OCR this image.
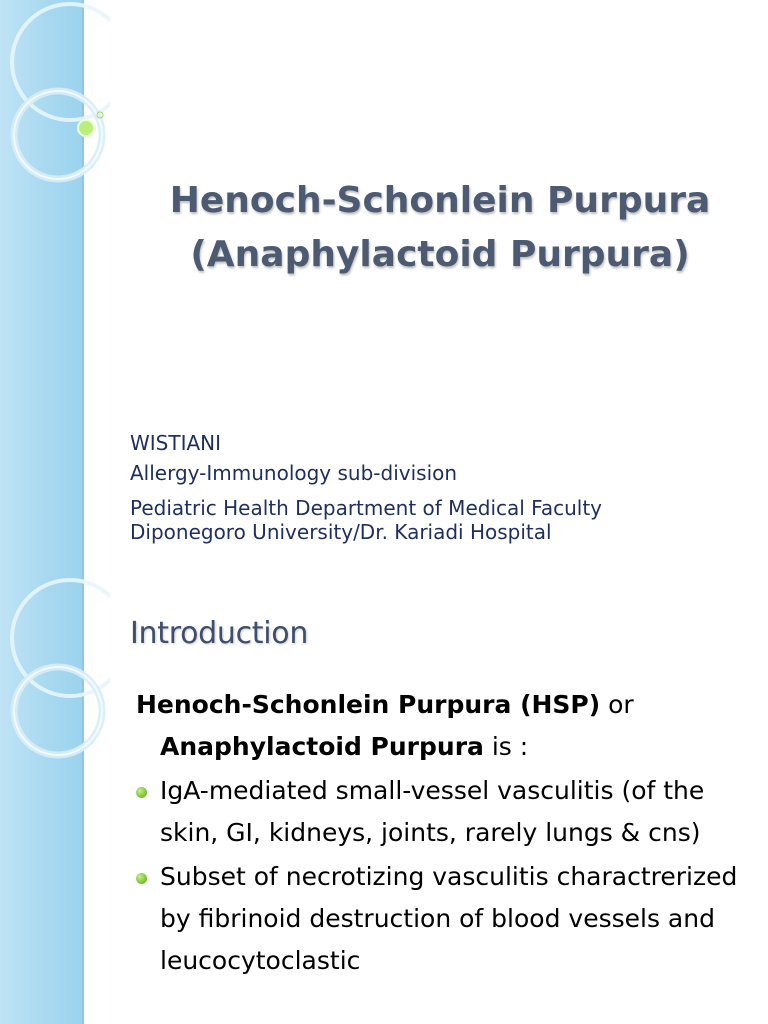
Henoch-Schonlein Purpura
(Anaphylactoid Purpura)
WISTIANI
Allergy-Immunology sub-division
Pediatric Health Department of Medical Faculty
Diponegoro University/Dr. Kariadi Hospital
Introduction

Henoch-Schonlein Purpura (HSP) or Anaphylactoid Purpura is :

IgA-mediated small-vessel vasculitis (of the skin, GI, kidneys, joints, rarely lungs & cns)
Subset of necrotizing vasculitis charactrerized by fibrinoid destruction of blood vessels and leucocytoclastic
